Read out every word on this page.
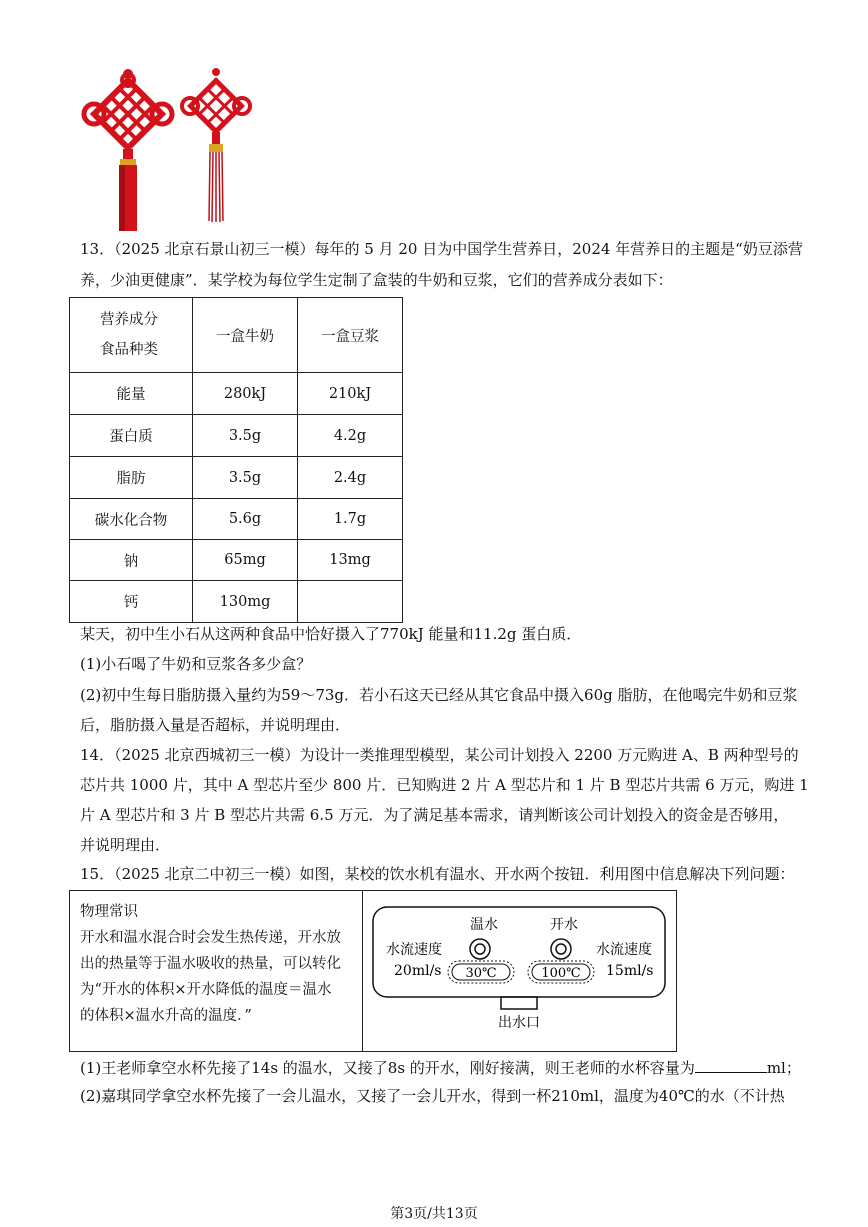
13．（2025 北京石景山初三一模）每年的 5 月 20 日为中国学生营养日，2024 年营养日的主题是“奶豆添营
养，少油更健康”．某学校为每位学生定制了盒装的牛奶和豆浆，它们的营养成分表如下：
营养成分
食品种类	一盒牛奶	一盒豆浆
能量	280kJ	210kJ
蛋白质	3.5g	4.2g
脂肪	3.5g	2.4g
碳水化合物	5.6g	1.7g
钠	65mg	13mg
钙	130mg	
某天，初中生小石从这两种食品中恰好摄入了770kJ 能量和11.2g 蛋白质．
(1)小石喝了牛奶和豆浆各多少盒？
(2)初中生每日脂肪摄入量约为59～73g．若小石这天已经从其它食品中摄入60g 脂肪，在他喝完牛奶和豆浆
后，脂肪摄入量是否超标，并说明理由．
14．（2025 北京西城初三一模）为设计一类推理型模型，某公司计划投入 2200 万元购进 A、B 两种型号的
芯片共 1000 片，其中 A 型芯片至少 800 片．已知购进 2 片 A 型芯片和 1 片 B 型芯片共需 6 万元，购进 1
片 A 型芯片和 3 片 B 型芯片共需 6.5 万元．为了满足基本需求，请判断该公司计划投入的资金是否够用，
并说明理由．
15．（2025 北京二中初三一模）如图，某校的饮水机有温水、开水两个按钮．利用图中信息解决下列问题：
物理常识
开水和温水混合时会发生热传递，开水放
出的热量等于温水吸收的热量，可以转化
为“开水的体积×开水降低的温度＝温水
的体积×温水升高的温度．”
温水	开水
水流速度
20ml/s
水流速度
15ml/s
30℃	100℃
出水口
(1)王老师拿空水杯先接了14s 的温水，又接了8s 的开水，刚好接满，则王老师的水杯容量为	ml；
(2)嘉琪同学拿空水杯先接了一会儿温水，又接了一会儿开水，得到一杯210ml，温度为40℃的水（不计热
第3页/共13页
